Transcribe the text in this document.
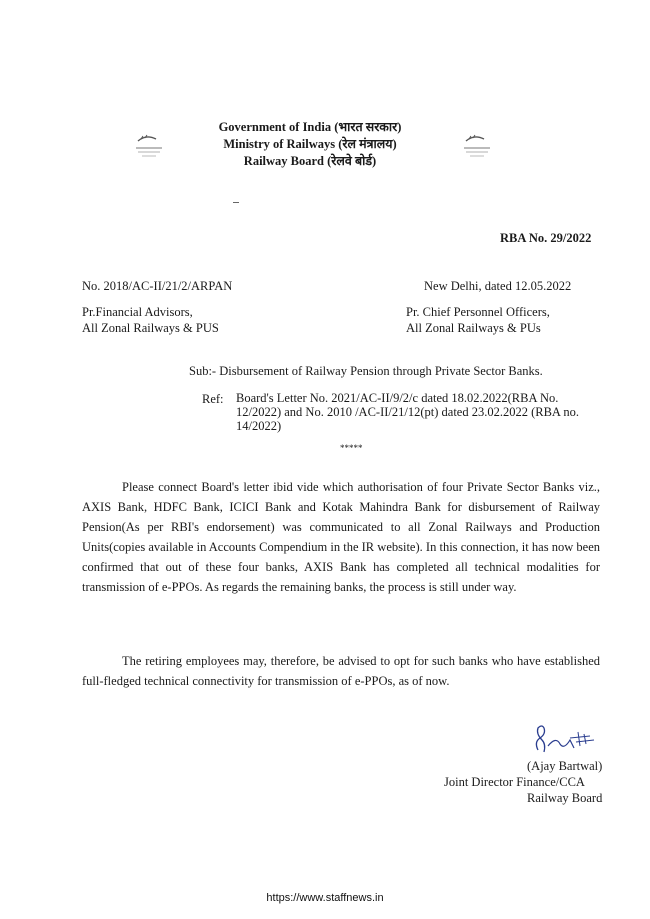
Government of India (भारत सरकार)
Ministry of Railways (रेल मंत्रालय)
Railway Board (रेलवे बोर्ड)
RBA No. 29/2022
No. 2018/AC-II/21/2/ARPAN	New Delhi, dated 12.05.2022
Pr.Financial Advisors,
All Zonal Railways & PUS
Pr. Chief Personnel Officers,
All Zonal Railways & PUs
Sub:- Disbursement of Railway Pension through Private Sector Banks.
Ref: Board's Letter No. 2021/AC-II/9/2/c dated 18.02.2022(RBA No. 12/2022) and No. 2010 /AC-II/21/12(pt) dated 23.02.2022 (RBA no. 14/2022)
*****
Please connect Board's letter ibid vide which authorisation of four Private Sector Banks viz., AXIS Bank, HDFC Bank, ICICI Bank and Kotak Mahindra Bank for disbursement of Railway Pension(As per RBI's endorsement) was communicated to all Zonal Railways and Production Units(copies available in Accounts Compendium in the IR website). In this connection, it has now been confirmed that out of these four banks, AXIS Bank has completed all technical modalities for transmission of e-PPOs. As regards the remaining banks, the process is still under way.
The retiring employees may, therefore, be advised to opt for such banks who have established full-fledged technical connectivity for transmission of e-PPOs, as of now.
(Ajay Bartwal)
Joint Director Finance/CCA
Railway Board
https://www.staffnews.in
